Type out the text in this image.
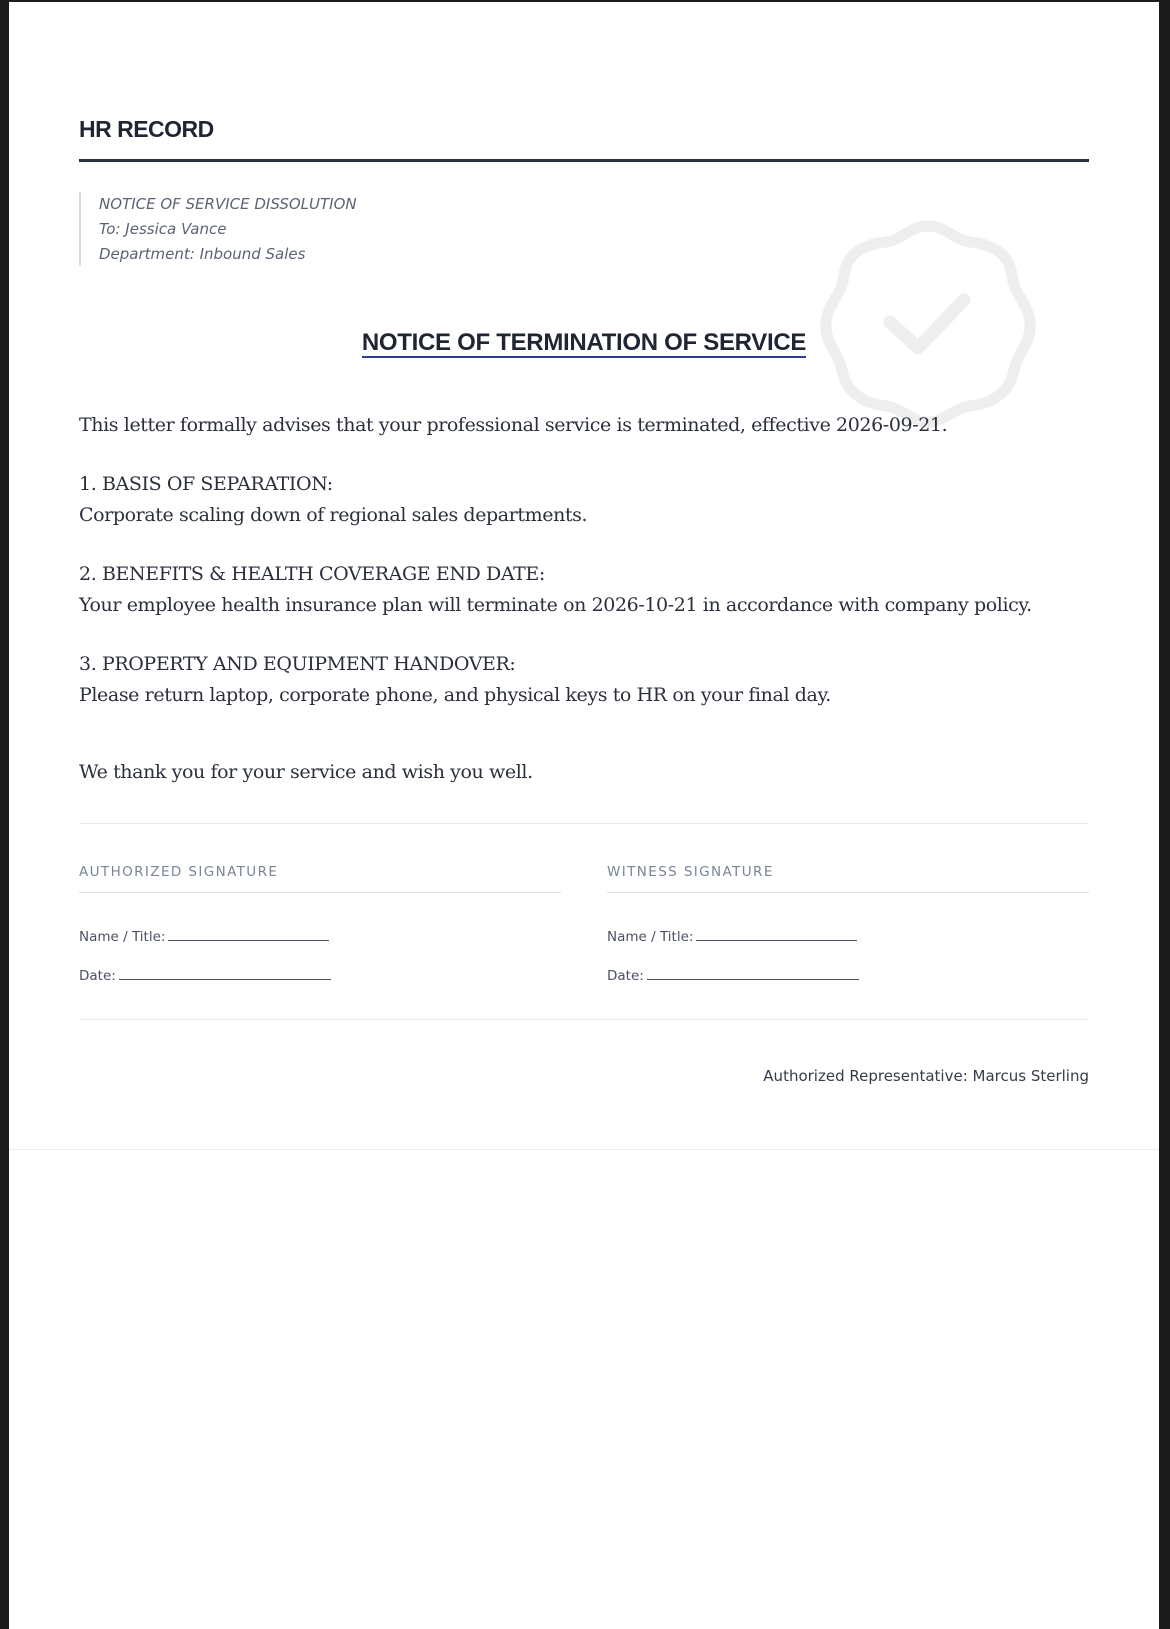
HR RECORD
NOTICE OF SERVICE DISSOLUTION
To: Jessica Vance
Department: Inbound Sales
NOTICE OF TERMINATION OF SERVICE
This letter formally advises that your professional service is terminated, effective 2026-09-21.
1. BASIS OF SEPARATION:
Corporate scaling down of regional sales departments.
2. BENEFITS & HEALTH COVERAGE END DATE:
Your employee health insurance plan will terminate on 2026-10-21 in accordance with company policy.
3. PROPERTY AND EQUIPMENT HANDOVER:
Please return laptop, corporate phone, and physical keys to HR on your final day.
We thank you for your service and wish you well.
AUTHORIZED SIGNATURE
Name / Title:
Date:
WITNESS SIGNATURE
Name / Title:
Date:
Authorized Representative: Marcus Sterling
